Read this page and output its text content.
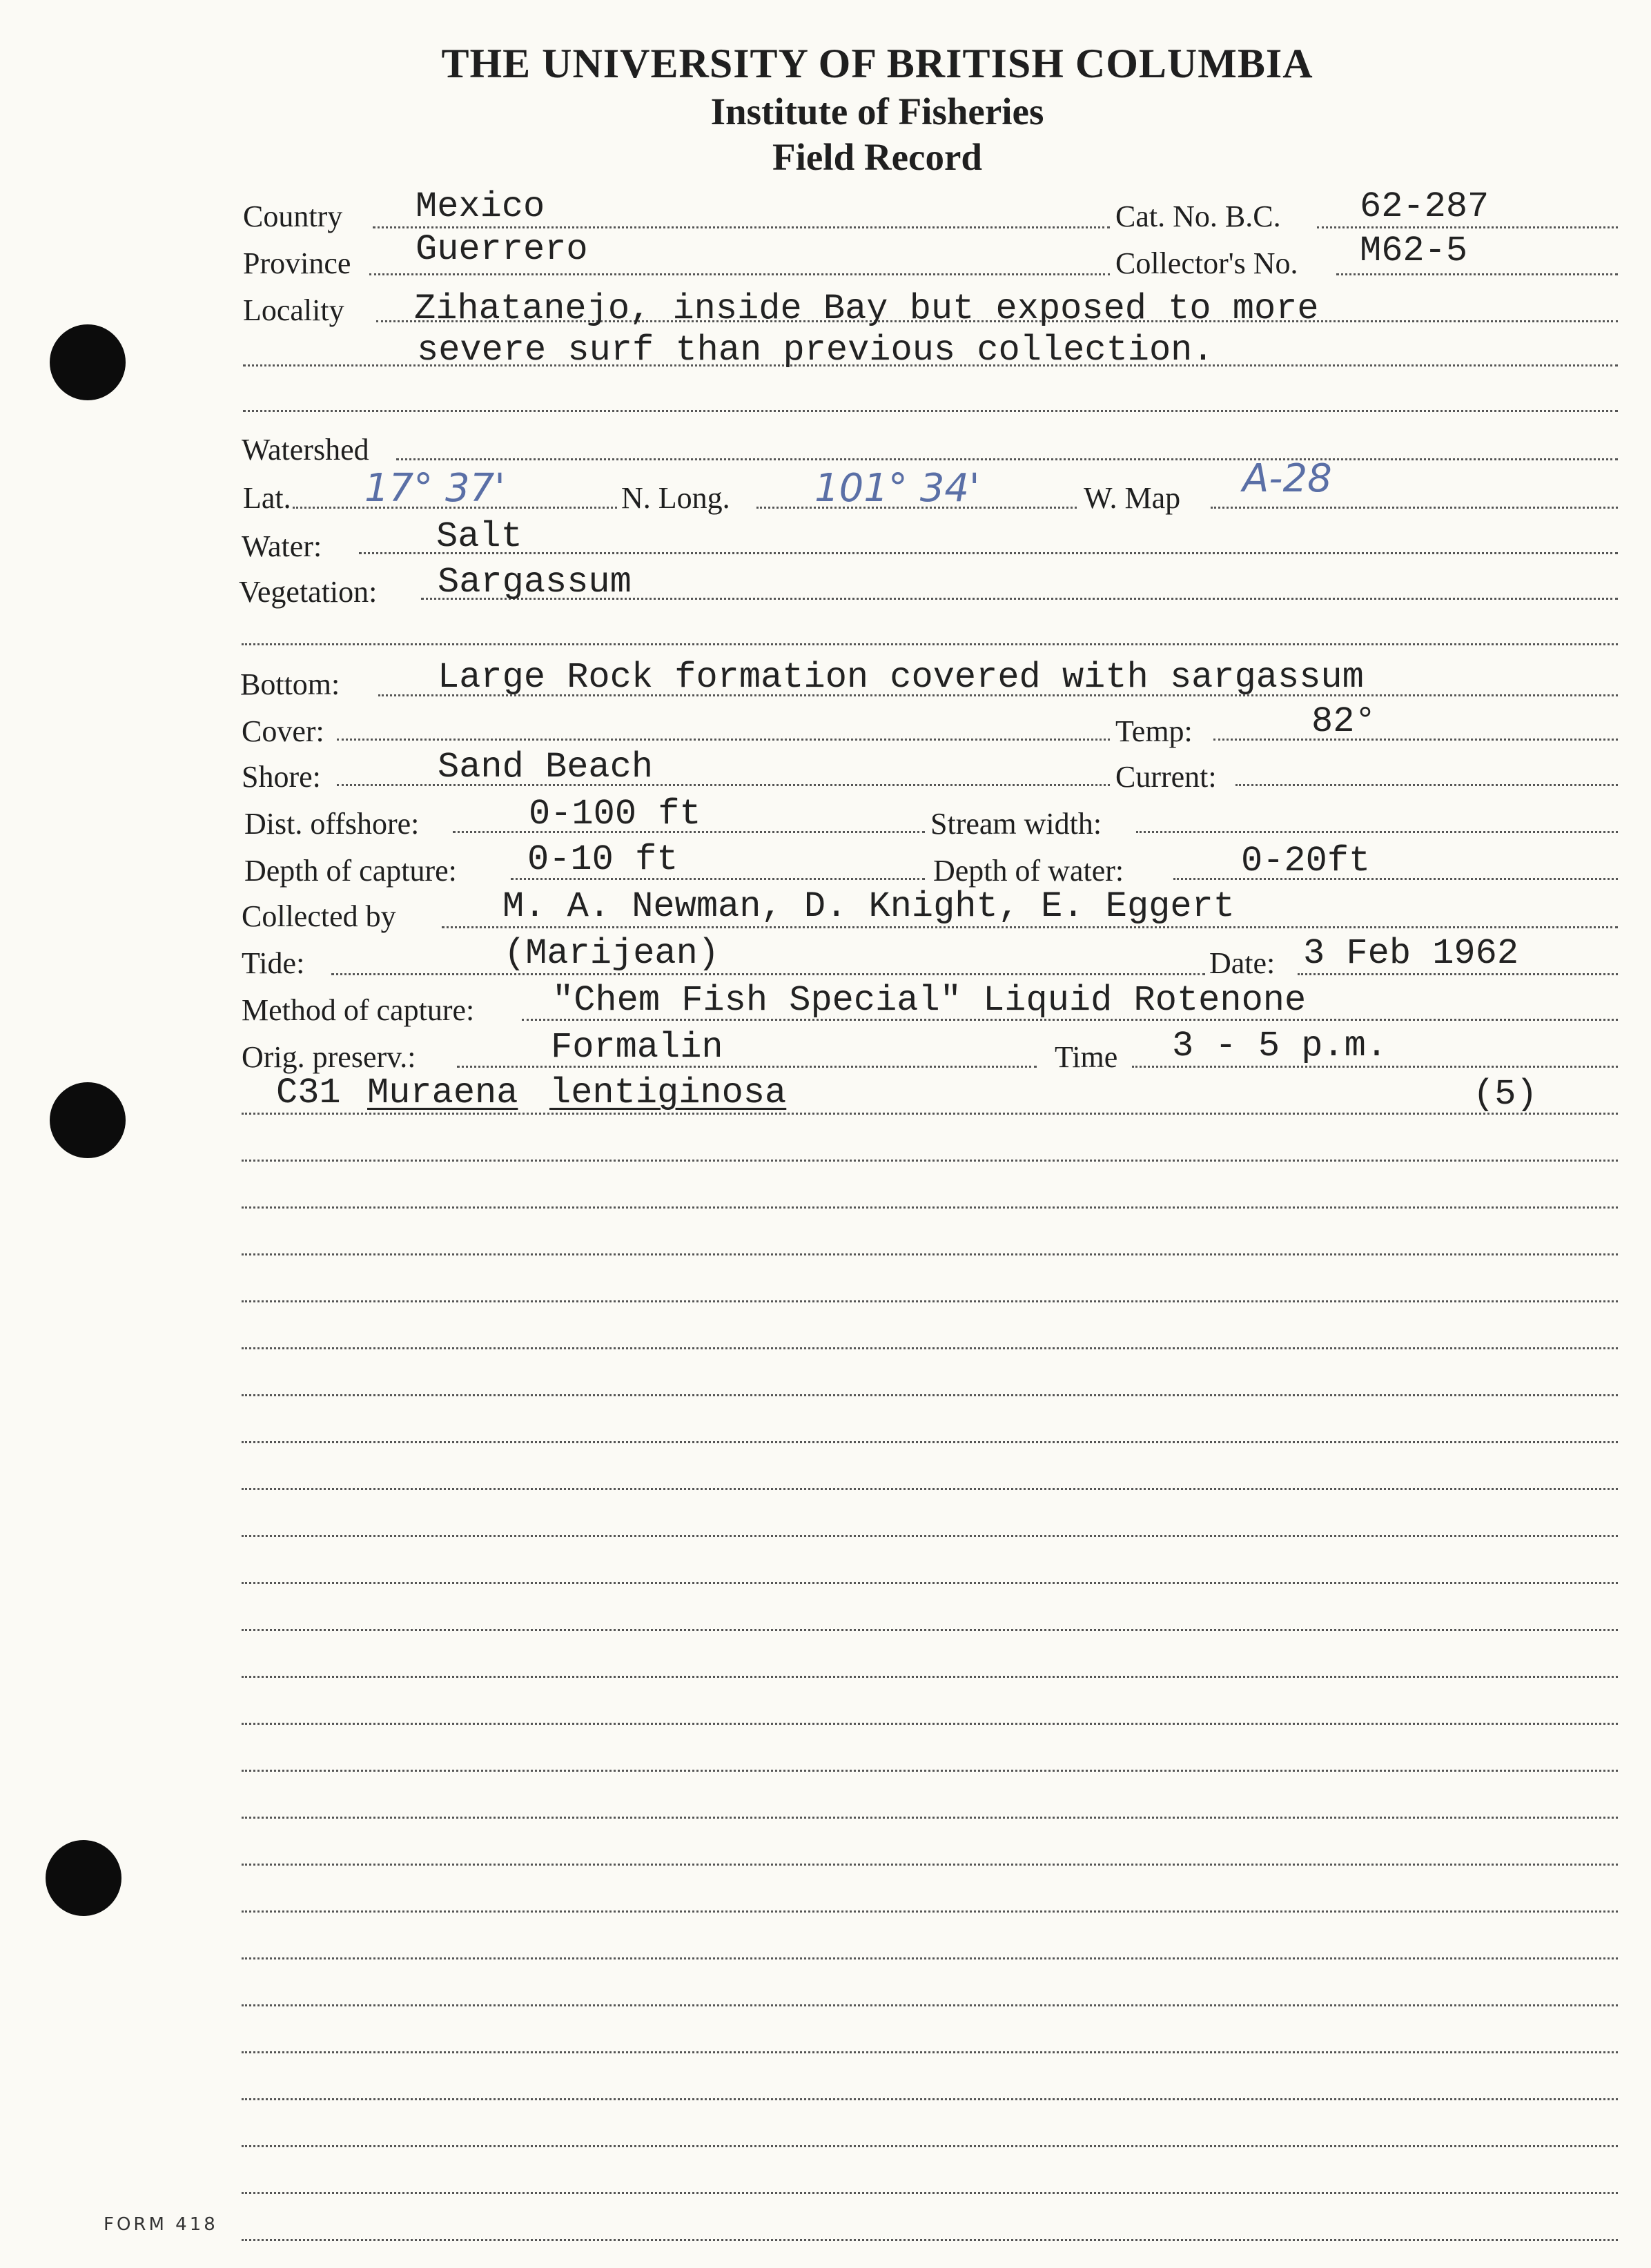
THE UNIVERSITY OF BRITISH COLUMBIA
Institute of Fisheries
Field Record
Country Mexico	Cat. No. B.C. 62-287
Province Guerrero	Collector's No. M62-5
Locality Zihatanejo, inside Bay but exposed to more
severe surf than previous collection.
Watershed
Lat. 17° 37'	N. Long. 101° 34'	W. Map A-28
Water:	Salt
Vegetation: Sargassum
Bottom:	Large Rock formation covered with sargassum
Cover:	Temp:	82°
Shore:	Sand Beach	Current:
Dist. offshore:	0-100 ft	Stream width:
Depth of capture: 0-10 ft	Depth of water:	0-20ft
Collected by	M. A. Newman, D. Knight, E. Eggert
Tide:	(Marijean)	Date: 3 Feb 1962
Method of capture: "Chem Fish Special" Liquid Rotenone
Orig. preserv.:	Formalin	Time 3 - 5 p.m.
C31 Muraena lentiginosa	(5)
FORM 418
